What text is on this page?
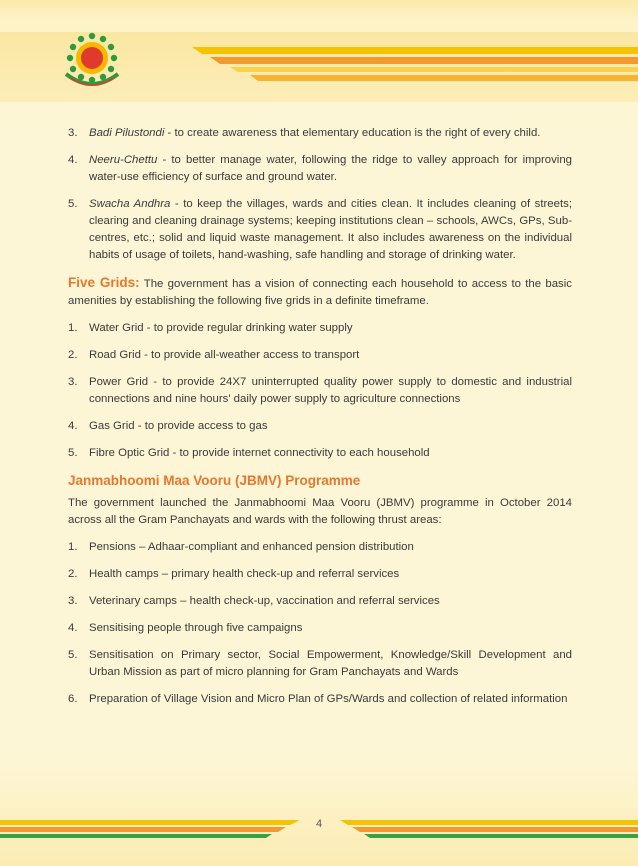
3. Badi Pilustondi - to create awareness that elementary education is the right of every child.
4. Neeru-Chettu - to better manage water, following the ridge to valley approach for improving water-use efficiency of surface and ground water.
5. Swacha Andhra - to keep the villages, wards and cities clean. It includes cleaning of streets; clearing and cleaning drainage systems; keeping institutions clean – schools, AWCs, GPs, Sub-centres, etc.; solid and liquid waste management. It also includes awareness on the individual habits of usage of toilets, hand-washing, safe handling and storage of drinking water.

Five Grids: The government has a vision of connecting each household to access to the basic amenities by establishing the following five grids in a definite timeframe.

1. Water Grid - to provide regular drinking water supply
2. Road Grid - to provide all-weather access to transport
3. Power Grid - to provide 24X7 uninterrupted quality power supply to domestic and industrial connections and nine hours' daily power supply to agriculture connections
4. Gas Grid - to provide access to gas
5. Fibre Optic Grid - to provide internet connectivity to each household
Janmabhoomi Maa Vooru (JBMV) Programme

The government launched the Janmabhoomi Maa Vooru (JBMV) programme in October 2014 across all the Gram Panchayats and wards with the following thrust areas:

1. Pensions – Adhaar-compliant and enhanced pension distribution
2. Health camps – primary health check-up and referral services
3. Veterinary camps – health check-up, vaccination and referral services
4. Sensitising people through five campaigns
5. Sensitisation on Primary sector, Social Empowerment, Knowledge/Skill Development and Urban Mission as part of micro planning for Gram Panchayats and Wards
6. Preparation of Village Vision and Micro Plan of GPs/Wards and collection of related information
4
